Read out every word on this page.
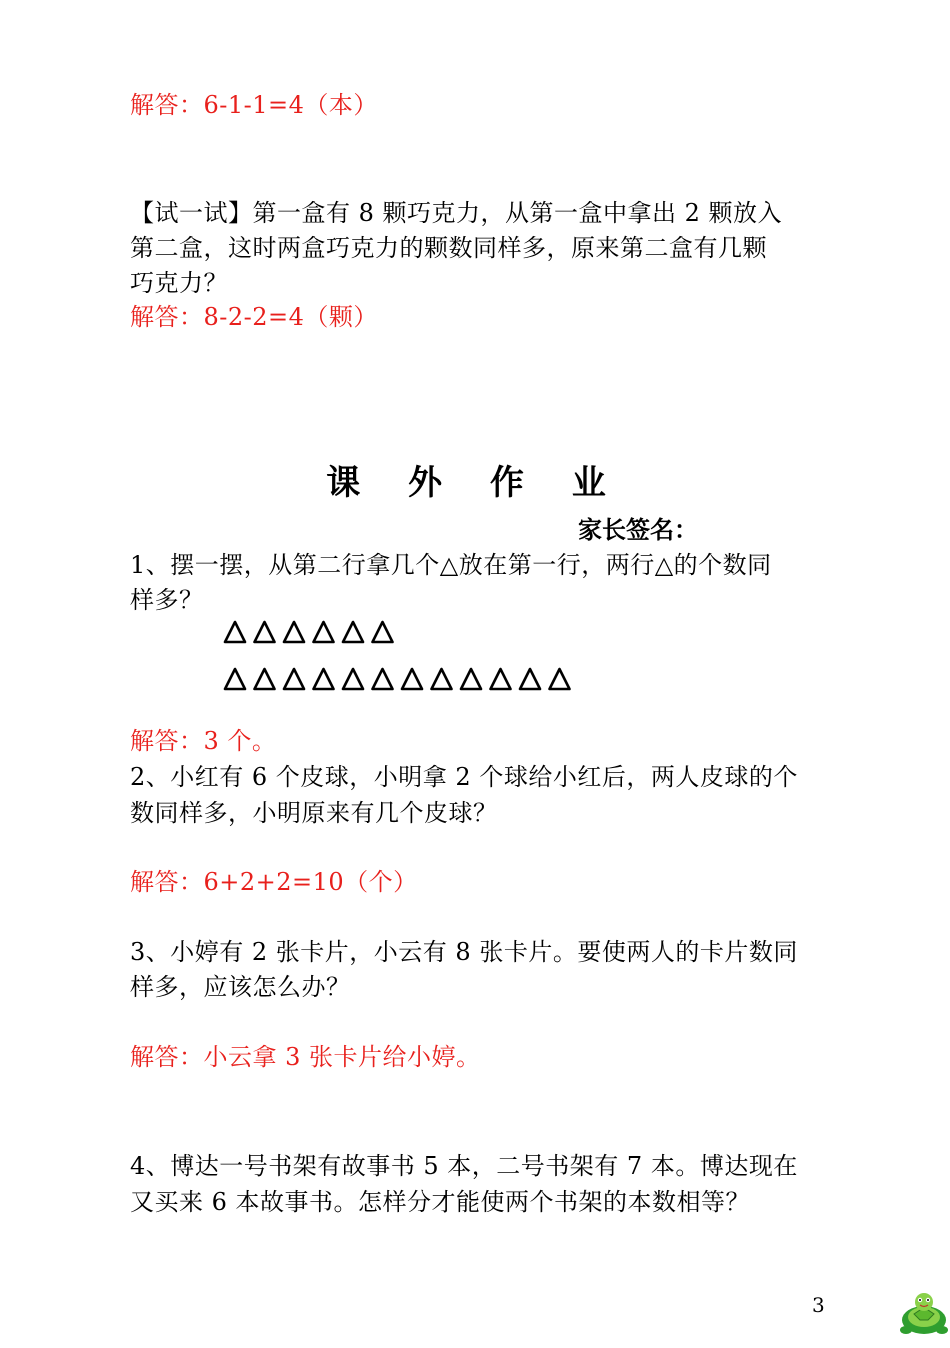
解答：6-1-1=4（本）
【试一试】第一盒有 8 颗巧克力，从第一盒中拿出 2 颗放入
第二盒，这时两盒巧克力的颗数同样多，原来第二盒有几颗
巧克力？
解答：8-2-2=4（颗）
课 外 作 业
家长签名：
1、摆一摆，从第二行拿几个△放在第一行，两行△的个数同
样多？
解答：3 个。
2、小红有 6 个皮球，小明拿 2 个球给小红后，两人皮球的个
数同样多，小明原来有几个皮球？
解答：6+2+2=10（个）
3、小婷有 2 张卡片，小云有 8 张卡片。要使两人的卡片数同
样多，应该怎么办？
解答：小云拿 3 张卡片给小婷。
4、博达一号书架有故事书 5 本，二号书架有 7 本。博达现在
又买来 6 本故事书。怎样分才能使两个书架的本数相等？
3
